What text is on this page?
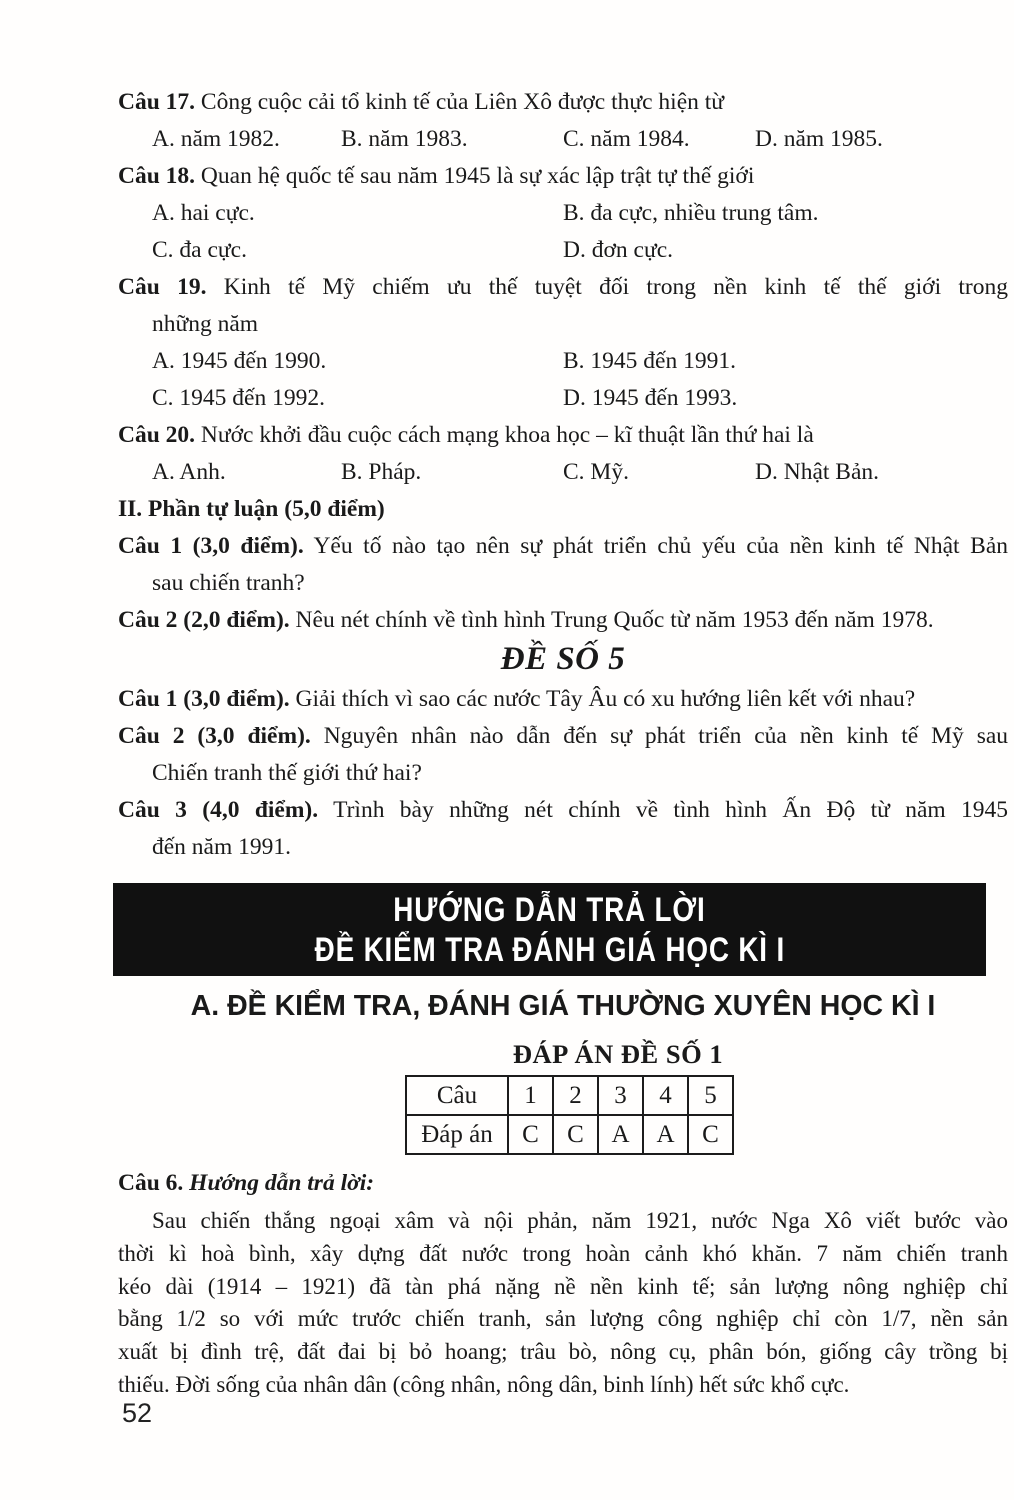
Câu 17. Công cuộc cải tổ kinh tế của Liên Xô được thực hiện từ
A. năm 1982.	B. năm 1983.	C. năm 1984.	D. năm 1985.
Câu 18. Quan hệ quốc tế sau năm 1945 là sự xác lập trật tự thế giới
A. hai cực.	B. đa cực, nhiều trung tâm.
C. đa cực.	D. đơn cực.
Câu 19. Kinh tế Mỹ chiếm ưu thế tuyệt đối trong nền kinh tế thế giới trong
những năm
A. 1945 đến 1990.	B. 1945 đến 1991.
C. 1945 đến 1992.	D. 1945 đến 1993.
Câu 20. Nước khởi đầu cuộc cách mạng khoa học – kĩ thuật lần thứ hai là
A. Anh.	B. Pháp.	C. Mỹ.	D. Nhật Bản.
II. Phần tự luận (5,0 điểm)
Câu 1 (3,0 điểm). Yếu tố nào tạo nên sự phát triển chủ yếu của nền kinh tế Nhật Bản
sau chiến tranh?
Câu 2 (2,0 điểm). Nêu nét chính về tình hình Trung Quốc từ năm 1953 đến năm 1978.
ĐỀ SỐ 5
Câu 1 (3,0 điểm). Giải thích vì sao các nước Tây Âu có xu hướng liên kết với nhau?
Câu 2 (3,0 điểm). Nguyên nhân nào dẫn đến sự phát triển của nền kinh tế Mỹ sau
Chiến tranh thế giới thứ hai?
Câu 3 (4,0 điểm). Trình bày những nét chính về tình hình Ấn Độ từ năm 1945
đến năm 1991.
HƯỚNG DẪN TRẢ LỜI
ĐỀ KIỂM TRA ĐÁNH GIÁ HỌC KÌ I
A. ĐỀ KIỂM TRA, ĐÁNH GIÁ THƯỜNG XUYÊN HỌC KÌ I
ĐÁP ÁN ĐỀ SỐ 1
Câu	1	2	3	4	5
Đáp án	C	C	A	A	C
Câu 6. Hướng dẫn trả lời:
Sau chiến thắng ngoại xâm và nội phản, năm 1921, nước Nga Xô viết bước vào
thời kì hoà bình, xây dựng đất nước trong hoàn cảnh khó khăn. 7 năm chiến tranh
kéo dài (1914 – 1921) đã tàn phá nặng nề nền kinh tế; sản lượng nông nghiệp chỉ
bằng 1/2 so với mức trước chiến tranh, sản lượng công nghiệp chỉ còn 1/7, nền sản
xuất bị đình trệ, đất đai bị bỏ hoang; trâu bò, nông cụ, phân bón, giống cây trồng bị
thiếu. Đời sống của nhân dân (công nhân, nông dân, binh lính) hết sức khổ cực.
52
